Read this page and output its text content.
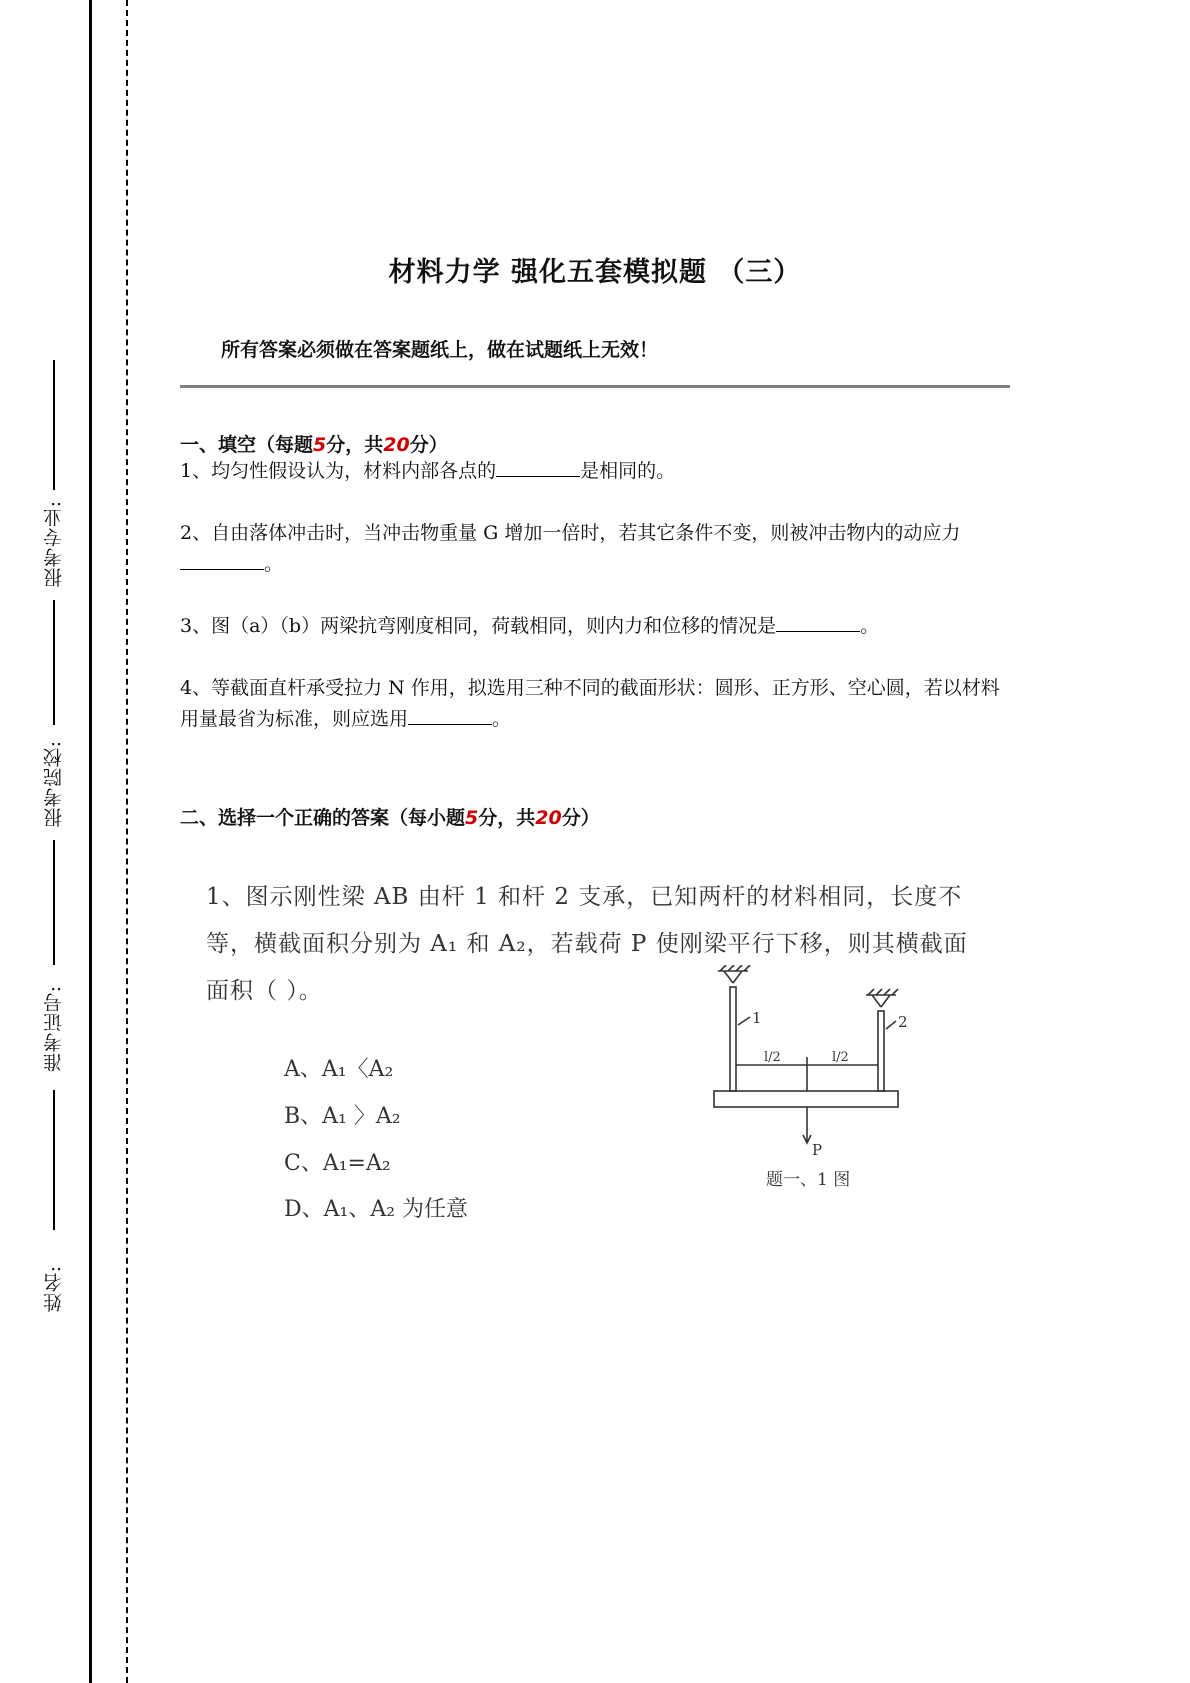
报考专业:
报考院校:
准考证号:
姓名:
材料力学 强化五套模拟题 （三）
所有答案必须做在答案题纸上，做在试题纸上无效！
一、填空（每题5分，共20分）
1、均匀性假设认为，材料内部各点的	是相同的。
2、自由落体冲击时，当冲击物重量 G 增加一倍时，若其它条件不变，则被冲击物内的动应力。
3、图（a）（b）两梁抗弯刚度相同，荷载相同，则内力和位移的情况是	。
4、等截面直杆承受拉力 N 作用，拟选用三种不同的截面形状：圆形、正方形、空心圆，若以材料用量最省为标准，则应选用	。
二、选择一个正确的答案（每小题5分，共20分）
1、图示刚性梁 AB 由杆 1 和杆 2 支承，已知两杆的材料相同，长度不
等，横截面积分别为 A₁ 和 A₂，若载荷 P 使刚梁平行下移，则其横截面
面积（ ）。
A、A₁〈A₂
B、A₁ 〉A₂
C、A₁=A₂
D、A₁、A₂ 为任意
1	2
l/2	l/2
P
题一、1 图
